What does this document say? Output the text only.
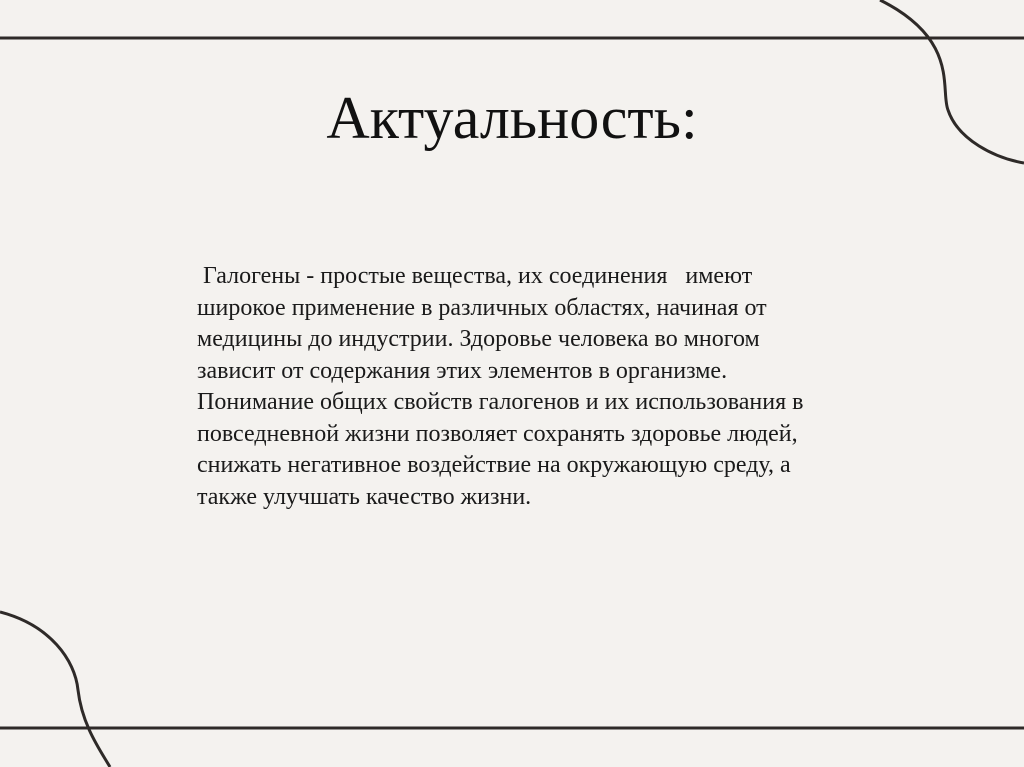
Актуальность:
Галогены - простые вещества, их соединения   имеют
широкое применение в различных областях, начиная от
медицины до индустрии. Здоровье человека во многом
зависит от содержания этих элементов в организме.
Понимание общих свойств галогенов и их использования в
повседневной жизни позволяет сохранять здоровье людей,
снижать негативное воздействие на окружающую среду, а
также улучшать качество жизни.
